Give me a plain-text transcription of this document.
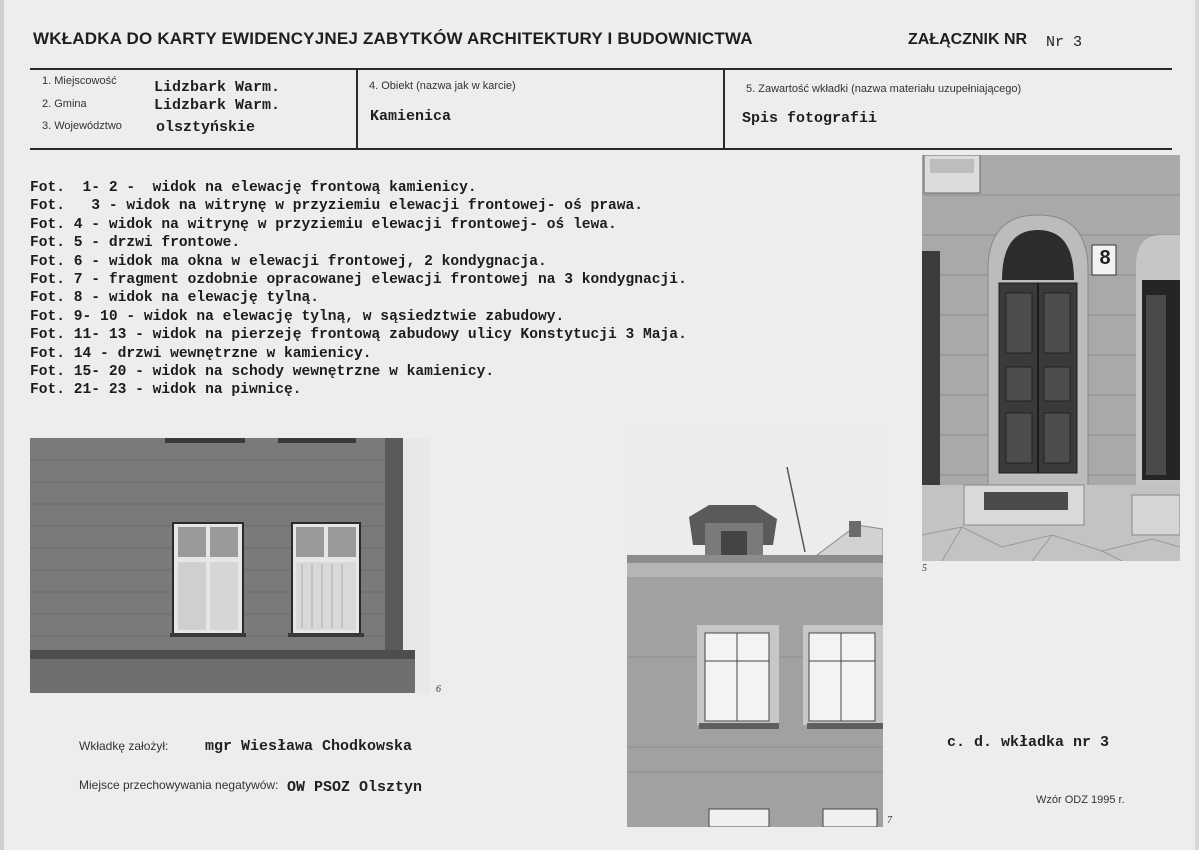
WKŁADKA DO KARTY EWIDENCYJNEJ ZABYTKÓW ARCHITEKTURY I BUDOWNICTWA	ZAŁĄCZNIK NR Nr 3
1. Miejscowość Lidzbark Warm.
2. Gmina	Lidzbark Warm.
3. Województwo olsztyńskie
4. Obiekt (nazwa jak w karcie)
Kamienica
5. Zawartość wkładki (nazwa materiału uzupełniającego)
Spis fotografii
Fot.  1- 2 -  widok na elewację frontową kamienicy.
Fot.   3 - widok na witrynę w przyziemiu elewacji frontowej- oś prawa.
Fot. 4 - widok na witrynę w przyziemiu elewacji frontowej- oś lewa.
Fot. 5 - drzwi frontowe.
Fot. 6 - widok ma okna w elewacji frontowej, 2 kondygnacja.
Fot. 7 - fragment ozdobnie opracowanej elewacji frontowej na 3 kondygnacji.
Fot. 8 - widok na elewację tylną.
Fot. 9- 10 - widok na elewację tylną, w sąsiedztwie zabudowy.
Fot. 11- 13 - widok na pierzeję frontową zabudowy ulicy Konstytucji 3 Maja.
Fot. 14 - drzwi wewnętrzne w kamienicy.
Fot. 15- 20 - widok na schody wewnętrzne w kamienicy.
Fot. 21- 23 - widok na piwnicę.
8
5
6
7
Wkładkę założył: mgr Wiesława Chodkowska
Miejsce przechowywania negatywów: OW PSOZ Olsztyn
c. d. wkładka nr 3
Wzór ODZ 1995 r.
